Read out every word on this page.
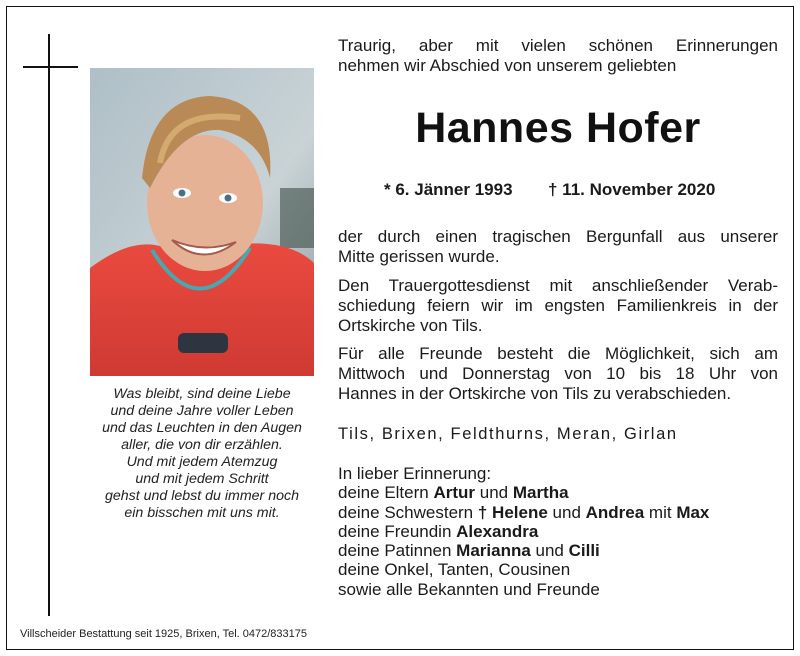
Was bleibt, sind deine Liebe
und deine Jahre voller Leben
und das Leuchten in den Augen
aller, die von dir erzählen.
Und mit jedem Atemzug
und mit jedem Schritt
gehst und lebst du immer noch
ein bisschen mit uns mit.
Traurig, aber mit vielen schönen Erinnerungen
nehmen wir Abschied von unserem geliebten
Hannes Hofer
* 6. Jänner 1993 † 11. November 2020
der durch einen tragischen Bergunfall aus unserer
Mitte gerissen wurde.
Den Trauergottesdienst mit anschließender Verab-
schiedung feiern wir im engsten Familienkreis in der
Ortskirche von Tils.
Für alle Freunde besteht die Möglichkeit, sich am
Mittwoch und Donnerstag von 10 bis 18 Uhr von
Hannes in der Ortskirche von Tils zu verabschieden.
Tils, Brixen, Feldthurns, Meran, Girlan
In lieber Erinnerung:
deine Eltern Artur und Martha
deine Schwestern † Helene und Andrea mit Max
deine Freundin Alexandra
deine Patinnen Marianna und Cilli
deine Onkel, Tanten, Cousinen
sowie alle Bekannten und Freunde
Villscheider Bestattung seit 1925, Brixen, Tel. 0472/833175
